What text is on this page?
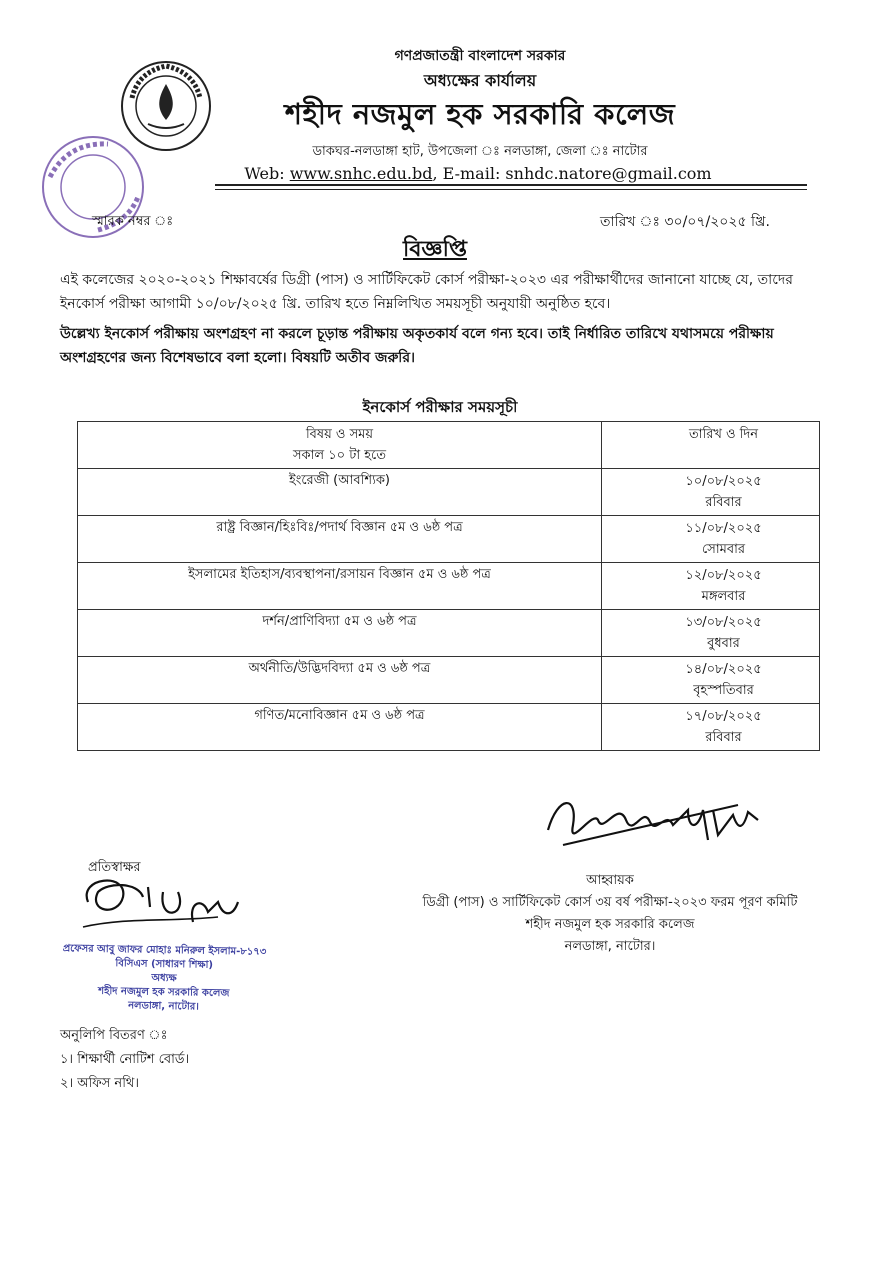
গণপ্রজাতন্ত্রী বাংলাদেশ সরকার
অধ্যক্ষের কার্যালয়
শহীদ নজমুল হক সরকারি কলেজ
ডাকঘর-নলডাঙ্গা হাট, উপজেলা ঃ নলডাঙ্গা, জেলা ঃ নাটোর
Web: www.snhc.edu.bd, E-mail: snhdc.natore@gmail.com
স্মারক নম্বর ঃ	তারিখ ঃ ৩০/০৭/২০২৫ খ্রি.
বিজ্ঞপ্তি
এই কলেজের ২০২০-২০২১ শিক্ষাবর্ষের ডিগ্রী (পাস) ও সার্টিফিকেট কোর্স পরীক্ষা-২০২৩ এর পরীক্ষার্থীদের জানানো যাচ্ছে যে, তাদের ইনকোর্স পরীক্ষা আগামী ১০/০৮/২০২৫ খ্রি. তারিখ হতে নিম্নলিখিত সময়সূচী অনুযায়ী অনুষ্ঠিত হবে।
উল্লেখ্য ইনকোর্স পরীক্ষায় অংশগ্রহণ না করলে চূড়ান্ত পরীক্ষায় অকৃতকার্য বলে গন্য হবে। তাই নির্ধারিত তারিখে যথাসময়ে পরীক্ষায় অংশগ্রহণের জন্য বিশেষভাবে বলা হলো। বিষয়টি অতীব জরুরি।
ইনকোর্স পরীক্ষার সময়সূচী
বিষয় ও সময়
সকাল ১০ টা হতে	তারিখ ও দিন

ইংরেজী (আবশ্যিক)	১০/০৮/২০২৫
রবিবার

রাষ্ট্র বিজ্ঞান/হিঃবিঃ/পদার্থ বিজ্ঞান ৫ম ও ৬ষ্ঠ পত্র	১১/০৮/২০২৫
সোমবার

ইসলামের ইতিহাস/ব্যবস্থাপনা/রসায়ন বিজ্ঞান ৫ম ও ৬ষ্ঠ পত্র	১২/০৮/২০২৫
মঙ্গলবার

দর্শন/প্রাণিবিদ্যা ৫ম ও ৬ষ্ঠ পত্র	১৩/০৮/২০২৫
বুধবার

অর্থনীতি/উদ্ভিদবিদ্যা ৫ম ও ৬ষ্ঠ পত্র	১৪/০৮/২০২৫
বৃহস্পতিবার

গণিত/মনোবিজ্ঞান ৫ম ও ৬ষ্ঠ পত্র	১৭/০৮/২০২৫
রবিবার
প্রতিস্বাক্ষর
প্রফেসর আবু জাফর মোহাঃ মনিরুল ইসলাম-৮১৭৩
বিসিএস (সাধারণ শিক্ষা)
অধ্যক্ষ
শহীদ নজমুল হক সরকারি কলেজ
নলডাঙ্গা, নাটোর।
আহ্বায়ক
ডিগ্রী (পাস) ও সার্টিফিকেট কোর্স ৩য় বর্ষ পরীক্ষা-২০২৩ ফরম পূরণ কমিটি
শহীদ নজমুল হক সরকারি কলেজ
নলডাঙ্গা, নাটোর।
অনুলিপি বিতরণ ঃ
১। শিক্ষার্থী নোটিশ বোর্ড।
২। অফিস নথি।
